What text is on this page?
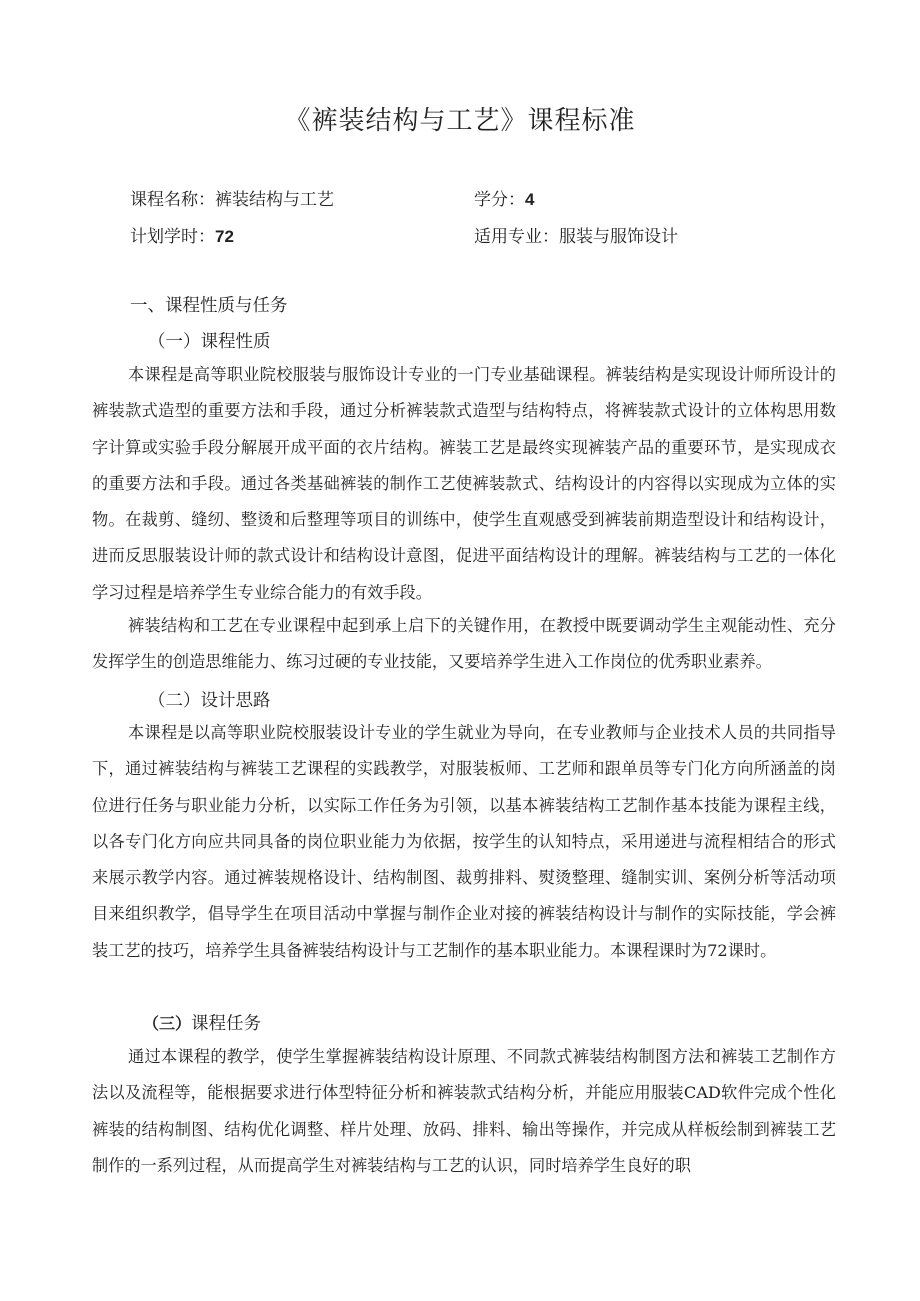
《裤装结构与工艺》课程标准
课程名称：裤装结构与工艺	学分：4
计划学时：72	适用专业：服装与服饰设计
一、课程性质与任务
（一）课程性质
本课程是高等职业院校服装与服饰设计专业的一门专业基础课程。裤装结构是实现设计师所设计的裤装款式造型的重要方法和手段，通过分析裤装款式造型与结构特点，将裤装款式设计的立体构思用数字计算或实验手段分解展开成平面的衣片结构。裤装工艺是最终实现裤装产品的重要环节，是实现成衣的重要方法和手段。通过各类基础裤装的制作工艺使裤装款式、结构设计的内容得以实现成为立体的实物。在裁剪、缝纫、整烫和后整理等项目的训练中，使学生直观感受到裤装前期造型设计和结构设计，进而反思服装设计师的款式设计和结构设计意图，促进平面结构设计的理解。裤装结构与工艺的一体化学习过程是培养学生专业综合能力的有效手段。
裤装结构和工艺在专业课程中起到承上启下的关键作用，在教授中既要调动学生主观能动性、充分发挥学生的创造思维能力、练习过硬的专业技能，又要培养学生进入工作岗位的优秀职业素养。
（二）设计思路
本课程是以高等职业院校服装设计专业的学生就业为导向，在专业教师与企业技术人员的共同指导下，通过裤装结构与裤装工艺课程的实践教学，对服装板师、工艺师和跟单员等专门化方向所涵盖的岗位进行任务与职业能力分析，以实际工作任务为引领，以基本裤装结构工艺制作基本技能为课程主线，以各专门化方向应共同具备的岗位职业能力为依据，按学生的认知特点，采用递进与流程相结合的形式来展示教学内容。通过裤装规格设计、结构制图、裁剪排料、熨烫整理、缝制实训、案例分析等活动项目来组织教学，倡导学生在项目活动中掌握与制作企业对接的裤装结构设计与制作的实际技能，学会裤装工艺的技巧，培养学生具备裤装结构设计与工艺制作的基本职业能力。本课程课时为72课时。
（三）课程任务
通过本课程的教学，使学生掌握裤装结构设计原理、不同款式裤装结构制图方法和裤装工艺制作方法以及流程等，能根据要求进行体型特征分析和裤装款式结构分析，并能应用服装CAD软件完成个性化裤装的结构制图、结构优化调整、样片处理、放码、排料、输出等操作，并完成从样板绘制到裤装工艺制作的一系列过程，从而提高学生对裤装结构与工艺的认识，同时培养学生良好的职
